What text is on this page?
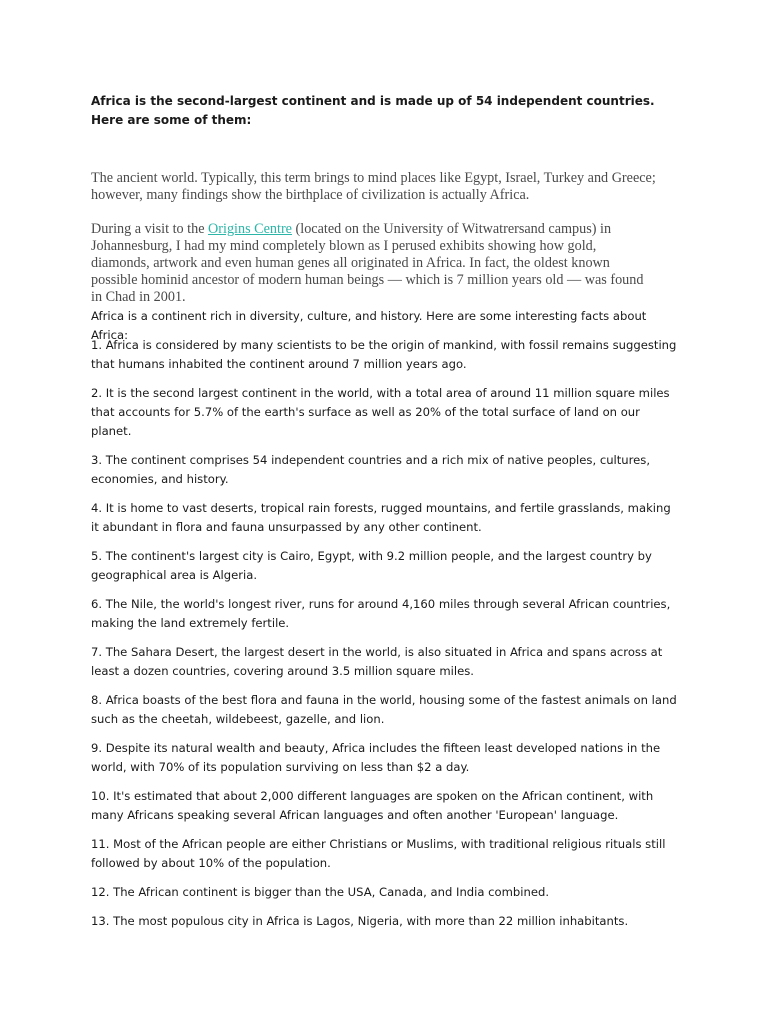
Africa is the second-largest continent and is made up of 54 independent countries. Here are some of them:
The ancient world. Typically, this term brings to mind places like Egypt, Israel, Turkey and Greece; however, many findings show the birthplace of civilization is actually Africa.
During a visit to the Origins Centre (located on the University of Witwatrersand campus) in Johannesburg, I had my mind completely blown as I perused exhibits showing how gold, diamonds, artwork and even human genes all originated in Africa. In fact, the oldest known possible hominid ancestor of modern human beings — which is 7 million years old — was found in Chad in 2001.
Africa is a continent rich in diversity, culture, and history. Here are some interesting facts about Africa:
1. Africa is considered by many scientists to be the origin of mankind, with fossil remains suggesting that humans inhabited the continent around 7 million years ago.
2. It is the second largest continent in the world, with a total area of around 11 million square miles that accounts for 5.7% of the earth's surface as well as 20% of the total surface of land on our planet.
3. The continent comprises 54 independent countries and a rich mix of native peoples, cultures, economies, and history.
4. It is home to vast deserts, tropical rain forests, rugged mountains, and fertile grasslands, making it abundant in flora and fauna unsurpassed by any other continent.
5. The continent's largest city is Cairo, Egypt, with 9.2 million people, and the largest country by geographical area is Algeria.
6. The Nile, the world's longest river, runs for around 4,160 miles through several African countries, making the land extremely fertile.
7. The Sahara Desert, the largest desert in the world, is also situated in Africa and spans across at least a dozen countries, covering around 3.5 million square miles.
8. Africa boasts of the best flora and fauna in the world, housing some of the fastest animals on land such as the cheetah, wildebeest, gazelle, and lion.
9. Despite its natural wealth and beauty, Africa includes the fifteen least developed nations in the world, with 70% of its population surviving on less than $2 a day.
10. It's estimated that about 2,000 different languages are spoken on the African continent, with many Africans speaking several African languages and often another 'European' language.
11. Most of the African people are either Christians or Muslims, with traditional religious rituals still followed by about 10% of the population.
12. The African continent is bigger than the USA, Canada, and India combined.
13. The most populous city in Africa is Lagos, Nigeria, with more than 22 million inhabitants.
